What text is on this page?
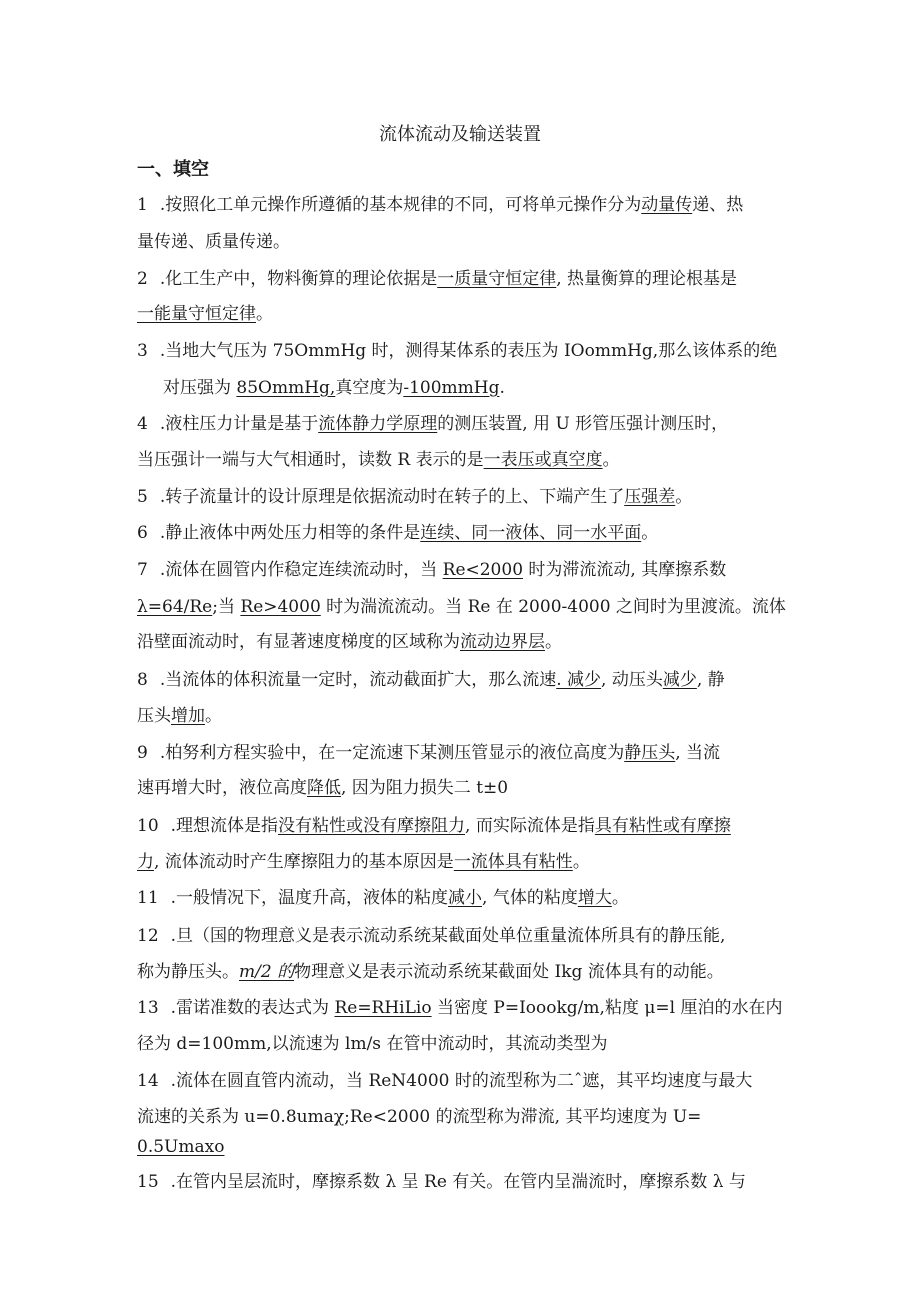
流体流动及输送装置
一、填空
1 .按照化工单元操作所遵循的基本规律的不同，可将单元操作分为动量传递、热
量传递、质量传递。
2 .化工生产中，物料衡算的理论依据是一质量守恒定律, 热量衡算的理论根基是
一能量守恒定律。
3 .当地大气压为 75OmmHg 时，测得某体系的表压为 IOommHg,那么该体系的绝
对压强为 85OmmHg,真空度为-100mmHg.
4 .液柱压力计量是基于流体静力学原理的测压装置, 用 U 形管压强计测压时，
当压强计一端与大气相通时，读数 R 表示的是一表压或真空度。
5 .转子流量计的设计原理是依据流动时在转子的上、下端产生了压强差。
6 .静止液体中两处压力相等的条件是连续、同一液体、同一水平面。
7 .流体在圆管内作稳定连续流动时，当 Re<2000 时为滞流流动, 其摩擦系数
λ=64/Re;当 Re>4000 时为湍流流动。当 Re 在 2000-4000 之间时为里渡流。流体
沿壁面流动时，有显著速度梯度的区域称为流动边界层。
8 .当流体的体积流量一定时，流动截面扩大，那么流速. 减少, 动压头减少, 静
压头增加。
9 .柏努利方程实验中，在一定流速下某测压管显示的液位高度为静压头, 当流
速再增大时，液位高度降低, 因为阻力损失二 t±0
10 .理想流体是指没有粘性或没有摩擦阻力, 而实际流体是指具有粘性或有摩擦
力, 流体流动时产生摩擦阻力的基本原因是一流体具有粘性。
11 .一般情况下，温度升高，液体的粘度减小, 气体的粘度增大。
12 .旦（国的物理意义是表示流动系统某截面处单位重量流体所具有的静压能,
称为静压头。m/2 的物理意义是表示流动系统某截面处 Ikg 流体具有的动能。
13 .雷诺准数的表达式为 Re=RHiLio 当密度 P=Ioookg/m,粘度 μ=l 厘泊的水在内
径为 d=100mm,以流速为 lm/s 在管中流动时，其流动类型为
14 .流体在圆直管内流动，当 ReN4000 时的流型称为二ˆ遮，其平均速度与最大
流速的关系为 u=0.8umaχ;Re<2000 的流型称为滞流, 其平均速度为 U=
0.5Umaxo
15 .在管内呈层流时，摩擦系数 λ 呈 Re 有关。在管内呈湍流时，摩擦系数 λ 与
